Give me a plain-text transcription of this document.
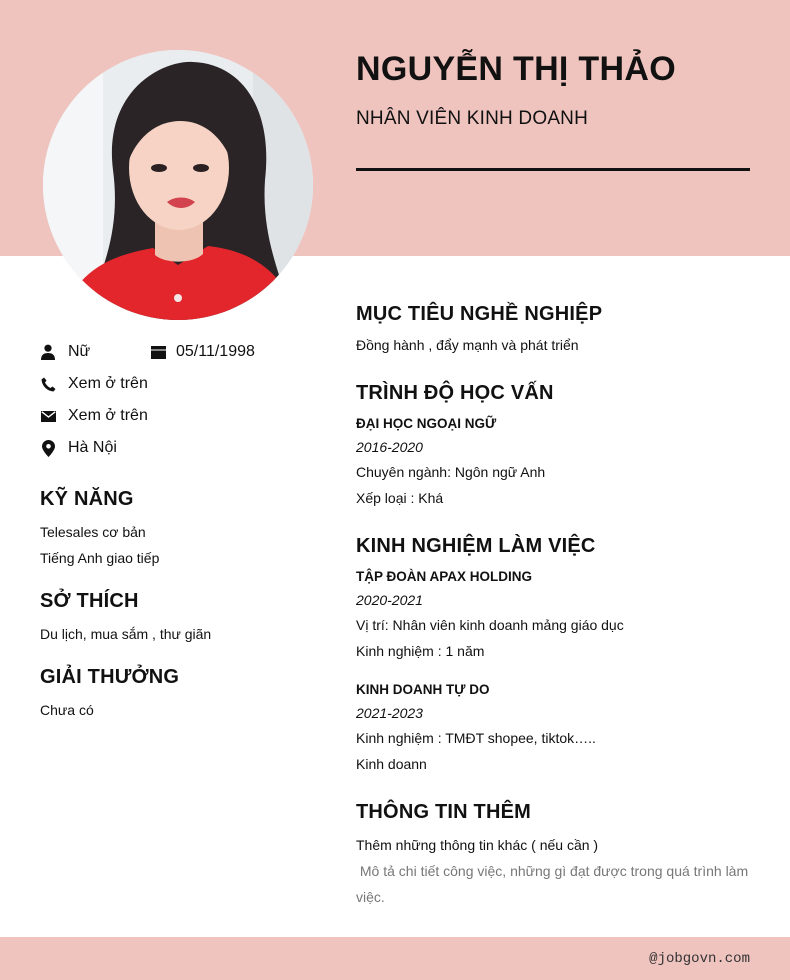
NGUYỄN THỊ THẢO
NHÂN VIÊN KINH DOANH
Nữ	05/11/1998
Xem ở trên
Xem ở trên
Hà Nội
KỸ NĂNG
Telesales cơ bản
Tiếng Anh giao tiếp
SỞ THÍCH
Du lịch, mua sắm , thư giãn
GIẢI THƯỞNG
Chưa có
MỤC TIÊU NGHỀ NGHIỆP
Đồng hành , đẩy mạnh và phát triển
TRÌNH ĐỘ HỌC VẤN
ĐẠI HỌC NGOẠI NGỮ
2016-2020
Chuyên ngành: Ngôn ngữ Anh
Xếp loại : Khá
KINH NGHIỆM LÀM VIỆC
TẬP ĐOÀN APAX HOLDING
2020-2021
Vị trí: Nhân viên kinh doanh mảng giáo dục
Kinh nghiệm : 1 năm
KINH DOANH TỰ DO
2021-2023
Kinh nghiệm : TMĐT shopee, tiktok…..
Kinh doann
THÔNG TIN THÊM
Thêm những thông tin khác ( nếu cần )
Mô tả chi tiết công việc, những gì đạt được trong quá trình làm việc.
@jobgovn.com
